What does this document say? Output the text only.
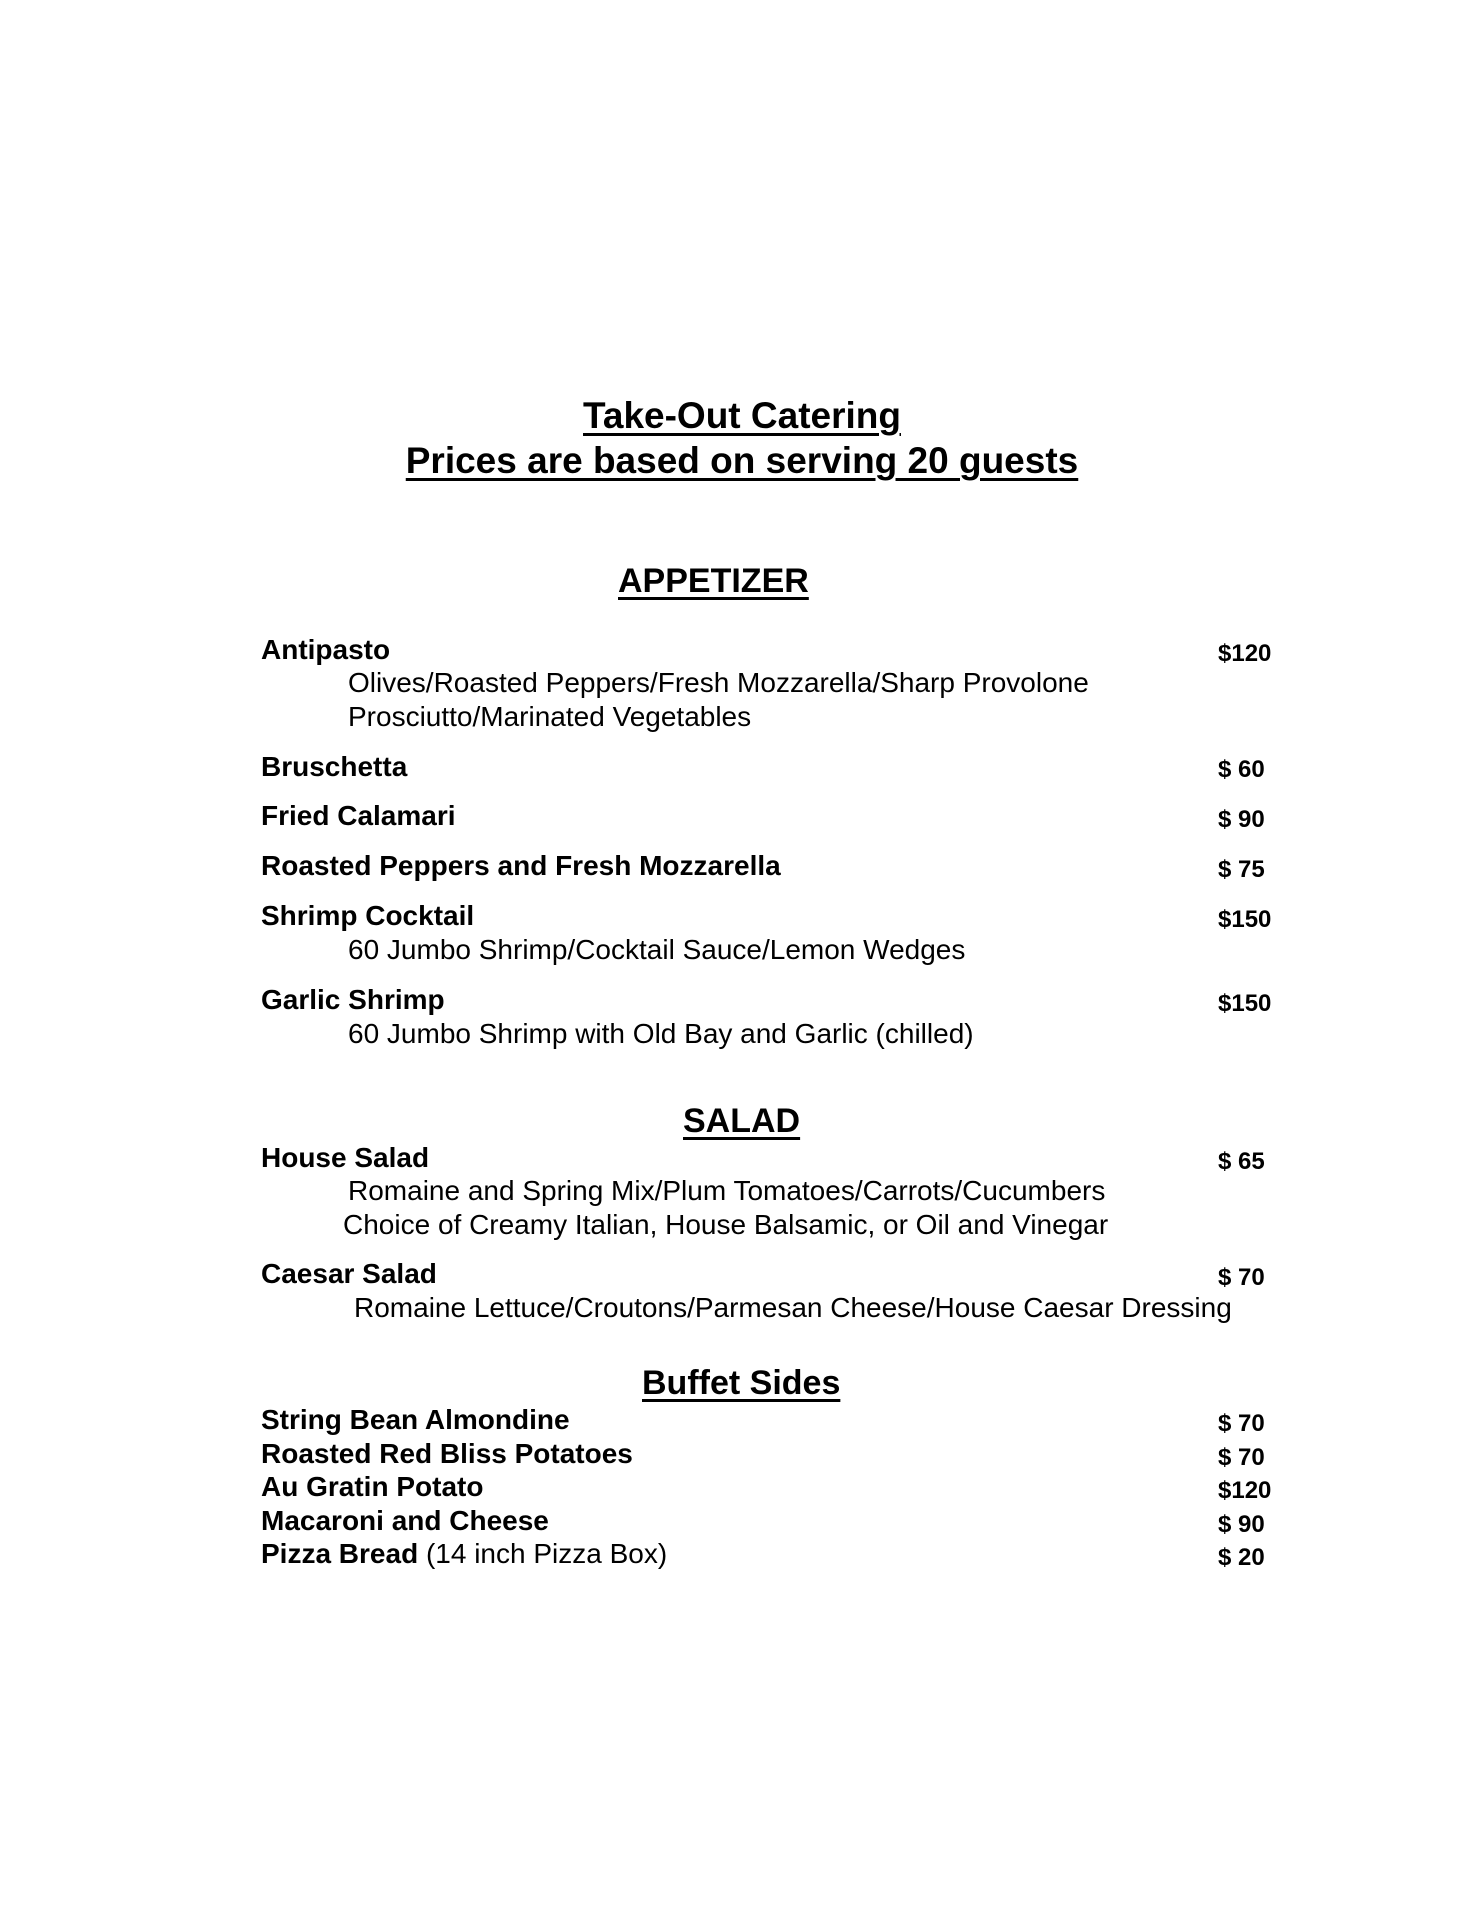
Take-Out Catering
Prices are based on serving 20 guests
APPETIZER
Antipasto	$120
Olives/Roasted Peppers/Fresh Mozzarella/Sharp Provolone
Prosciutto/Marinated Vegetables
Bruschetta	$ 60
Fried Calamari	$ 90
Roasted Peppers and Fresh Mozzarella	$ 75
Shrimp Cocktail	$150
60 Jumbo Shrimp/Cocktail Sauce/Lemon Wedges
Garlic Shrimp	$150
60 Jumbo Shrimp with Old Bay and Garlic (chilled)
SALAD
House Salad	$ 65
Romaine and Spring Mix/Plum Tomatoes/Carrots/Cucumbers
Choice of Creamy Italian, House Balsamic, or Oil and Vinegar
Caesar Salad	$ 70
Romaine Lettuce/Croutons/Parmesan Cheese/House Caesar Dressing
Buffet Sides
String Bean Almondine	$ 70
Roasted Red Bliss Potatoes	$ 70
Au Gratin Potato	$120
Macaroni and Cheese	$ 90
Pizza Bread (14 inch Pizza Box)	$ 20
